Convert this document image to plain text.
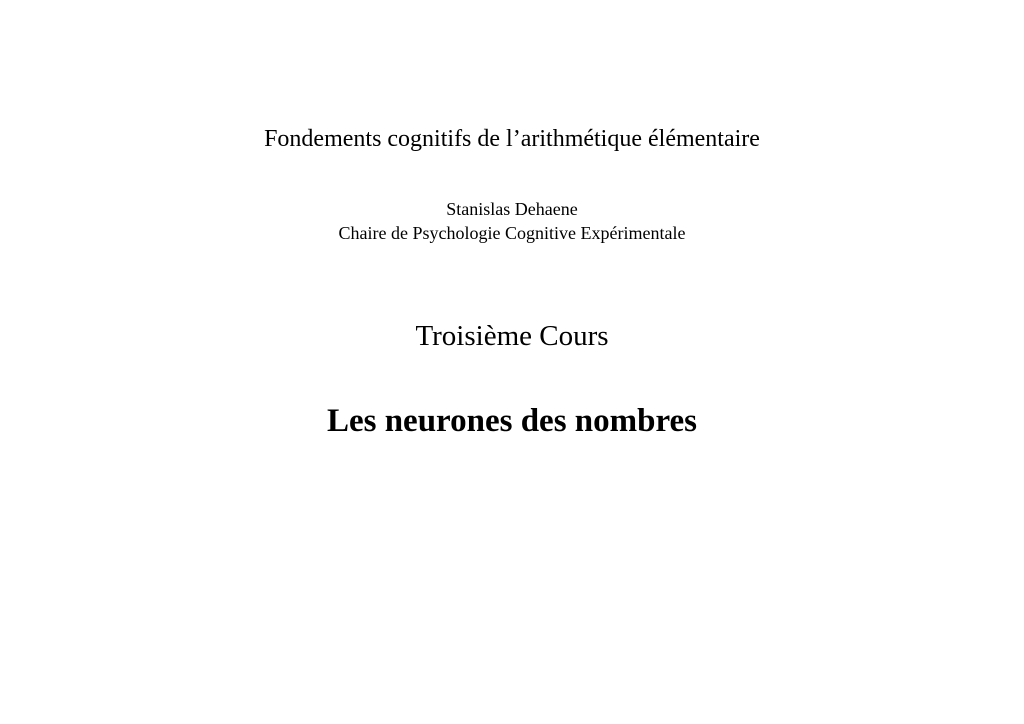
Fondements cognitifs de l’arithmétique élémentaire
Stanislas Dehaene
Chaire de Psychologie Cognitive Expérimentale
Troisième Cours
Les neurones des nombres
